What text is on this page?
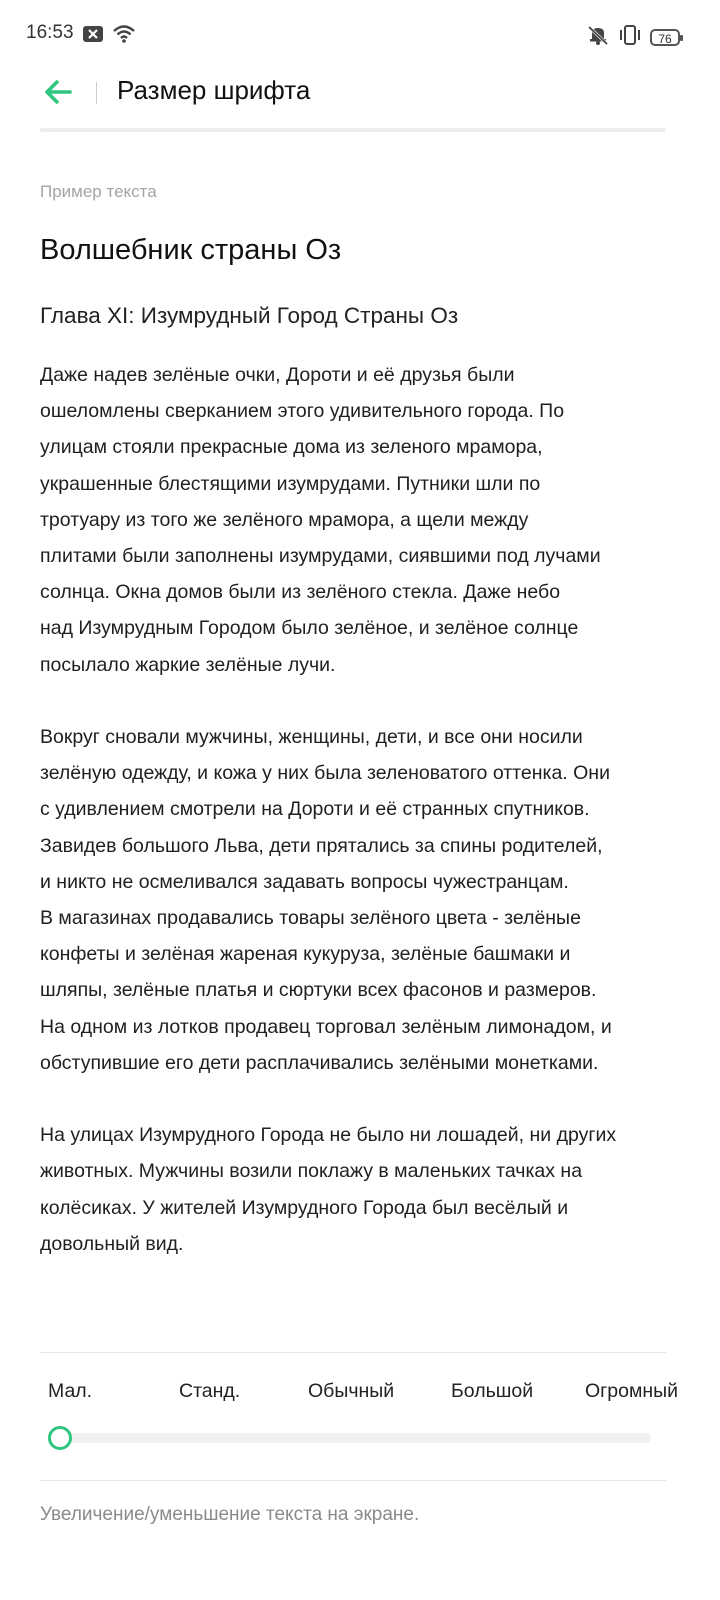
16:53	76
Размер шрифта
Пример текста
Волшебник страны Оз
Глава XI: Изумрудный Город Страны Оз

Даже надев зелёные очки, Дороти и её друзья были
ошеломлены сверканием этого удивительного города. По
улицам стояли прекрасные дома из зеленого мрамора,
украшенные блестящими изумрудами. Путники шли по
тротуару из того же зелёного мрамора, а щели между
плитами были заполнены изумрудами, сиявшими под лучами
солнца. Окна домов были из зелёного стекла. Даже небо
над Изумрудным Городом было зелёное, и зелёное солнце
посылало жаркие зелёные лучи.

Вокруг сновали мужчины, женщины, дети, и все они носили
зелёную одежду, и кожа у них была зеленоватого оттенка. Они
с удивлением смотрели на Дороти и её странных спутников.
Завидев большого Льва, дети прятались за спины родителей,
и никто не осмеливался задавать вопросы чужестранцам.
В магазинах продавались товары зелёного цвета - зелёные
конфеты и зелёная жареная кукуруза, зелёные башмаки и
шляпы, зелёные платья и сюртуки всех фасонов и размеров.
На одном из лотков продавец торговал зелёным лимонадом, и
обступившие его дети расплачивались зелёными монетками.

На улицах Изумрудного Города не было ни лошадей, ни других
животных. Мужчины возили поклажу в маленьких тачках на
колёсиках. У жителей Изумрудного Города был весёлый и
довольный вид.

Мал.	Станд.	Обычный	Большой	Огромный
Увеличение/уменьшение текста на экране.
